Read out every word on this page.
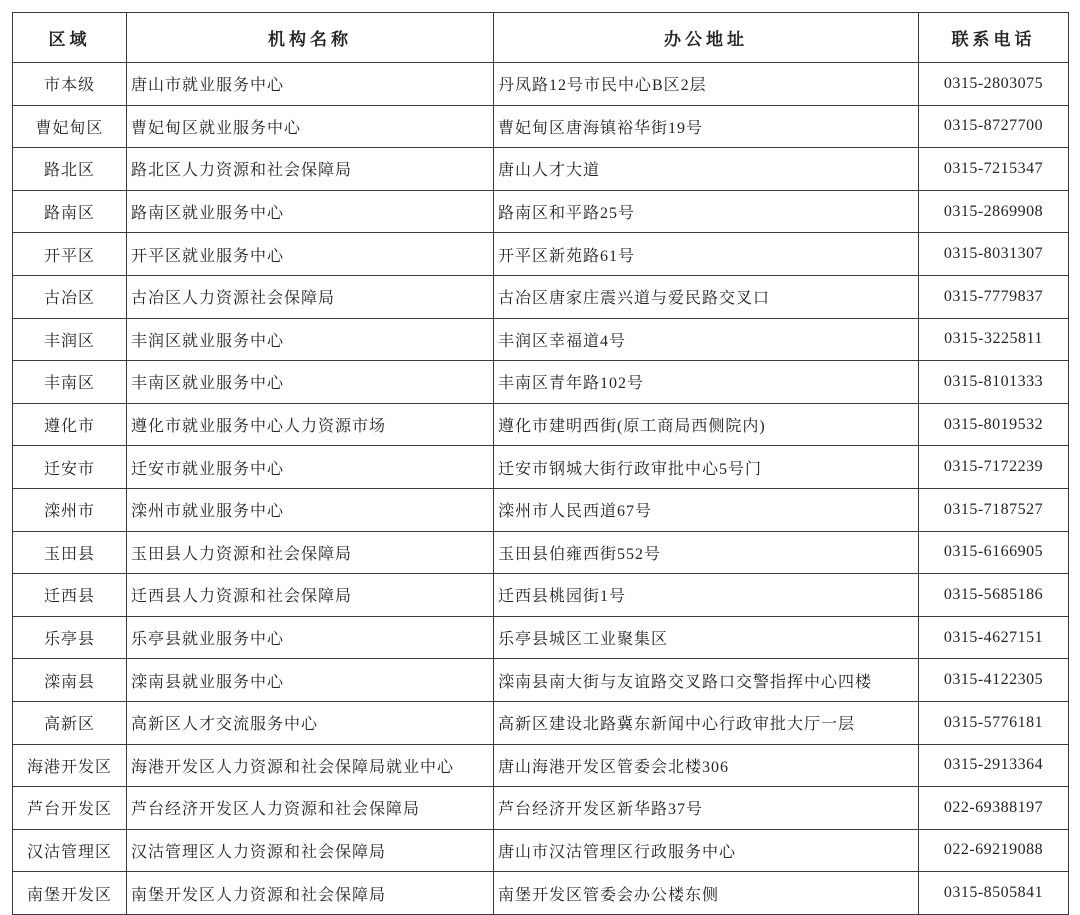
区域	机构名称	办公地址	联系电话
市本级	唐山市就业服务中心	丹凤路12号市民中心B区2层	0315-2803075
曹妃甸区	曹妃甸区就业服务中心	曹妃甸区唐海镇裕华街19号	0315-8727700
路北区	路北区人力资源和社会保障局	唐山人才大道	0315-7215347
路南区	路南区就业服务中心	路南区和平路25号	0315-2869908
开平区	开平区就业服务中心	开平区新苑路61号	0315-8031307
古冶区	古冶区人力资源社会保障局	古冶区唐家庄震兴道与爱民路交叉口	0315-7779837
丰润区	丰润区就业服务中心	丰润区幸福道4号	0315-3225811
丰南区	丰南区就业服务中心	丰南区青年路102号	0315-8101333
遵化市	遵化市就业服务中心人力资源市场	遵化市建明西街(原工商局西侧院内)	0315-8019532
迁安市	迁安市就业服务中心	迁安市钢城大街行政审批中心5号门	0315-7172239
滦州市	滦州市就业服务中心	滦州市人民西道67号	0315-7187527
玉田县	玉田县人力资源和社会保障局	玉田县伯雍西街552号	0315-6166905
迁西县	迁西县人力资源和社会保障局	迁西县桃园街1号	0315-5685186
乐亭县	乐亭县就业服务中心	乐亭县城区工业聚集区	0315-4627151
滦南县	滦南县就业服务中心	滦南县南大街与友谊路交叉路口交警指挥中心四楼	0315-4122305
高新区	高新区人才交流服务中心	高新区建设北路冀东新闻中心行政审批大厅一层	0315-5776181
海港开发区	海港开发区人力资源和社会保障局就业中心	唐山海港开发区管委会北楼306	0315-2913364
芦台开发区	芦台经济开发区人力资源和社会保障局	芦台经济开发区新华路37号	022-69388197
汉沽管理区	汉沽管理区人力资源和社会保障局	唐山市汉沽管理区行政服务中心	022-69219088
南堡开发区	南堡开发区人力资源和社会保障局	南堡开发区管委会办公楼东侧	0315-8505841
